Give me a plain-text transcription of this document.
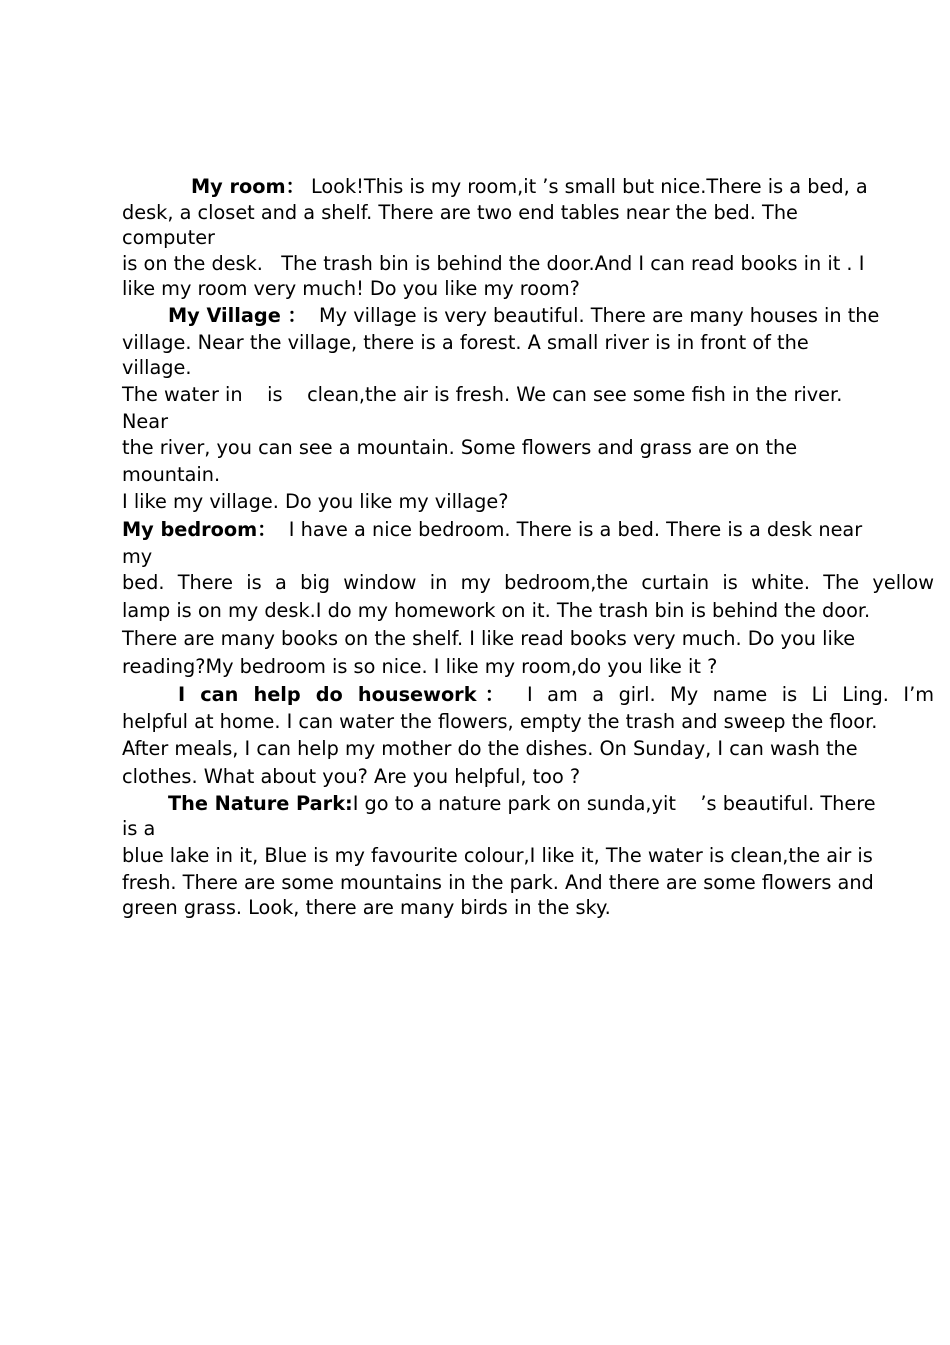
My room： Look!This is my room,it ’s small but nice.There is a bed, a
desk, a closet and a shelf. There are two end tables near the bed. The
computer
is on the desk.   The trash bin is behind the door.And I can read books in it . I
like my room very much! Do you like my room?
My Village ： My village is very beautiful. There are many houses in the
village. Near the village, there is a forest. A small river is in front of the
village.
The water in    is    clean,the air is fresh. We can see some fish in the river.
Near
the river, you can see a mountain. Some flowers and grass are on the
mountain.
I like my village. Do you like my village?
My bedroom： I have a nice bedroom. There is a bed. There is a desk near
my
bed. There is a big window in my bedroom,the curtain is white. The yellow
lamp is on my desk.I do my homework on it. The trash bin is behind the door.
There are many books on the shelf. I like read books very much. Do you like
reading?My bedroom is so nice. I like my room,do you like it ?
I can help do housework： I am a girl. My name is Li Ling. I’m
helpful at home. I can water the flowers, empty the trash and sweep the floor.
After meals, I can help my mother do the dishes. On Sunday, I can wash the
clothes. What about you? Are you helpful, too ?
The Nature Park:I go to a nature park on sunda,yit    ’s beautiful. There
is a
blue lake in it, Blue is my favourite colour,I like it, The water is clean,the air is
fresh. There are some mountains in the park. And there are some flowers and
green grass. Look, there are many birds in the sky.
